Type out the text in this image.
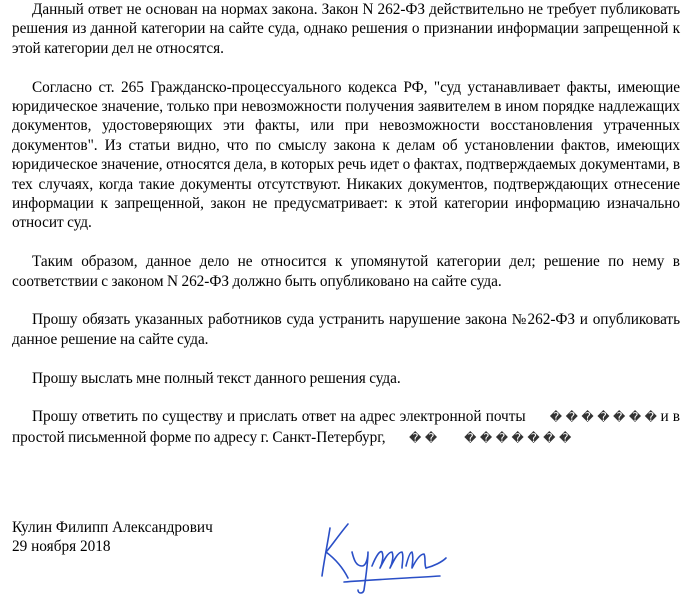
Данный ответ не основан на нормах закона. Закон N 262-ФЗ действительно не требует публиковать решения из данной категории на сайте суда, однако решения о признании информации запрещенной к этой категории дел не относятся.

Согласно ст. 265 Гражданско-процессуального кодекса РФ, "суд устанавливает факты, имеющие юридическое значение, только при невозможности получения заявителем в ином порядке надлежащих документов, удостоверяющих эти факты, или при невозможности восстановления утраченных документов". Из статьи видно, что по смыслу закона к делам об установлении фактов, имеющих юридическое значение, относятся дела, в которых речь идет о фактах, подтверждаемых документами, в тех случаях, когда такие документы отсутствуют. Никаких документов, подтверждающих отнесение информации к запрещенной, закон не предусматривает: к этой категории информацию изначально относит суд.

Таким образом, данное дело не относится к упомянутой категории дел; решение по нему в соответствии с законом N 262-ФЗ должно быть опубликовано на сайте суда.

Прошу обязать указанных работников суда устранить нарушение закона №262-ФЗ и опубликовать данное решение на сайте суда.

Прошу выслать мне полный текст данного решения суда.

Прошу ответить по существу и прислать ответ на адрес электронной почты �������и в простой письменной форме по адресу г. Санкт-Петербург, �� �������

Кулин Филипп Александрович
29 ноября 2018
